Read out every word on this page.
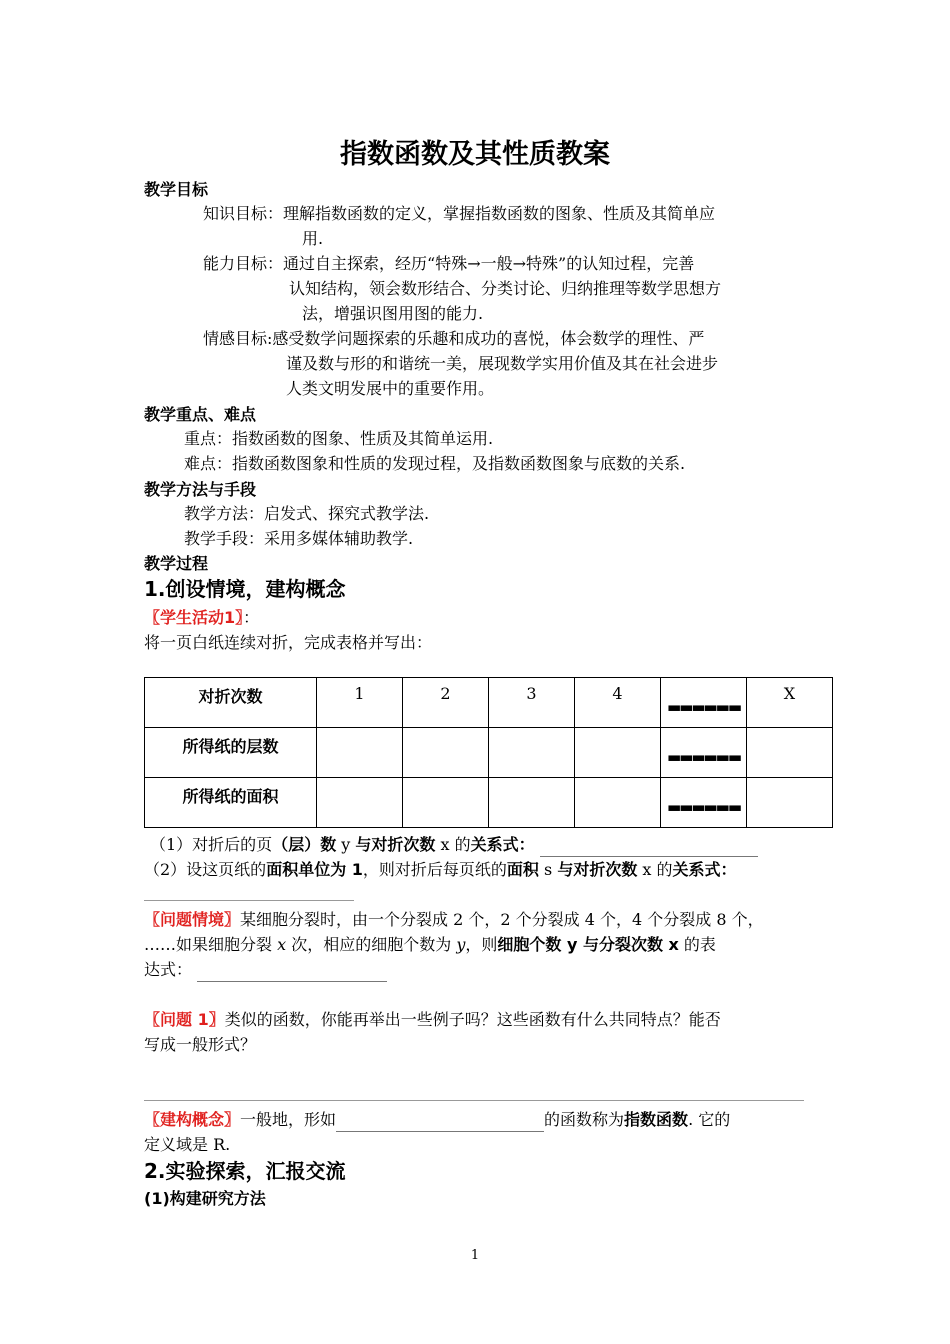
指数函数及其性质教案
教学目标
知识目标：理解指数函数的定义，掌握指数函数的图象、性质及其简单应
用.
能力目标：通过自主探索，经历“特殊→一般→特殊”的认知过程，完善
认知结构，领会数形结合、分类讨论、归纳推理等数学思想方
法，增强识图用图的能力.
情感目标:感受数学问题探索的乐趣和成功的喜悦，体会数学的理性、严
谨及数与形的和谐统一美，展现数学实用价值及其在社会进步
人类文明发展中的重要作用。
教学重点、难点
重点：指数函数的图象、性质及其简单运用.
难点：指数函数图象和性质的发现过程，及指数函数图象与底数的关系.
教学方法与手段
教学方法：启发式、探究式教学法.
教学手段：采用多媒体辅助教学.
教学过程
1.创设情境，建构概念
〖学生活动1〗：
将一页白纸连续对折，完成表格并写出：
对折次数	1	2	3	4	▬▬▬▬▬▬	X
所得纸的层数					▬▬▬▬▬▬	

所得纸的面积					▬▬▬▬▬▬	

（1）对折后的页（层）数 y 与对折次数 x 的关系式：
（2）设这页纸的面积单位为 1，则对折后每页纸的面积 s 与对折次数 x 的关系式：
〖问题情境〗某细胞分裂时，由一个分裂成 2 个，2 个分裂成 4 个，4 个分裂成 8 个，
……如果细胞分裂 x 次，相应的细胞个数为 y，则细胞个数 y 与分裂次数 x 的表
达式：
〖问题 1〗类似的函数，你能再举出一些例子吗？这些函数有什么共同特点？能否
写成一般形式？
〖建构概念〗一般地，形如	的函数称为指数函数. 它的
定义域是 R.
2.实验探索，汇报交流
(1)构建研究方法
1
